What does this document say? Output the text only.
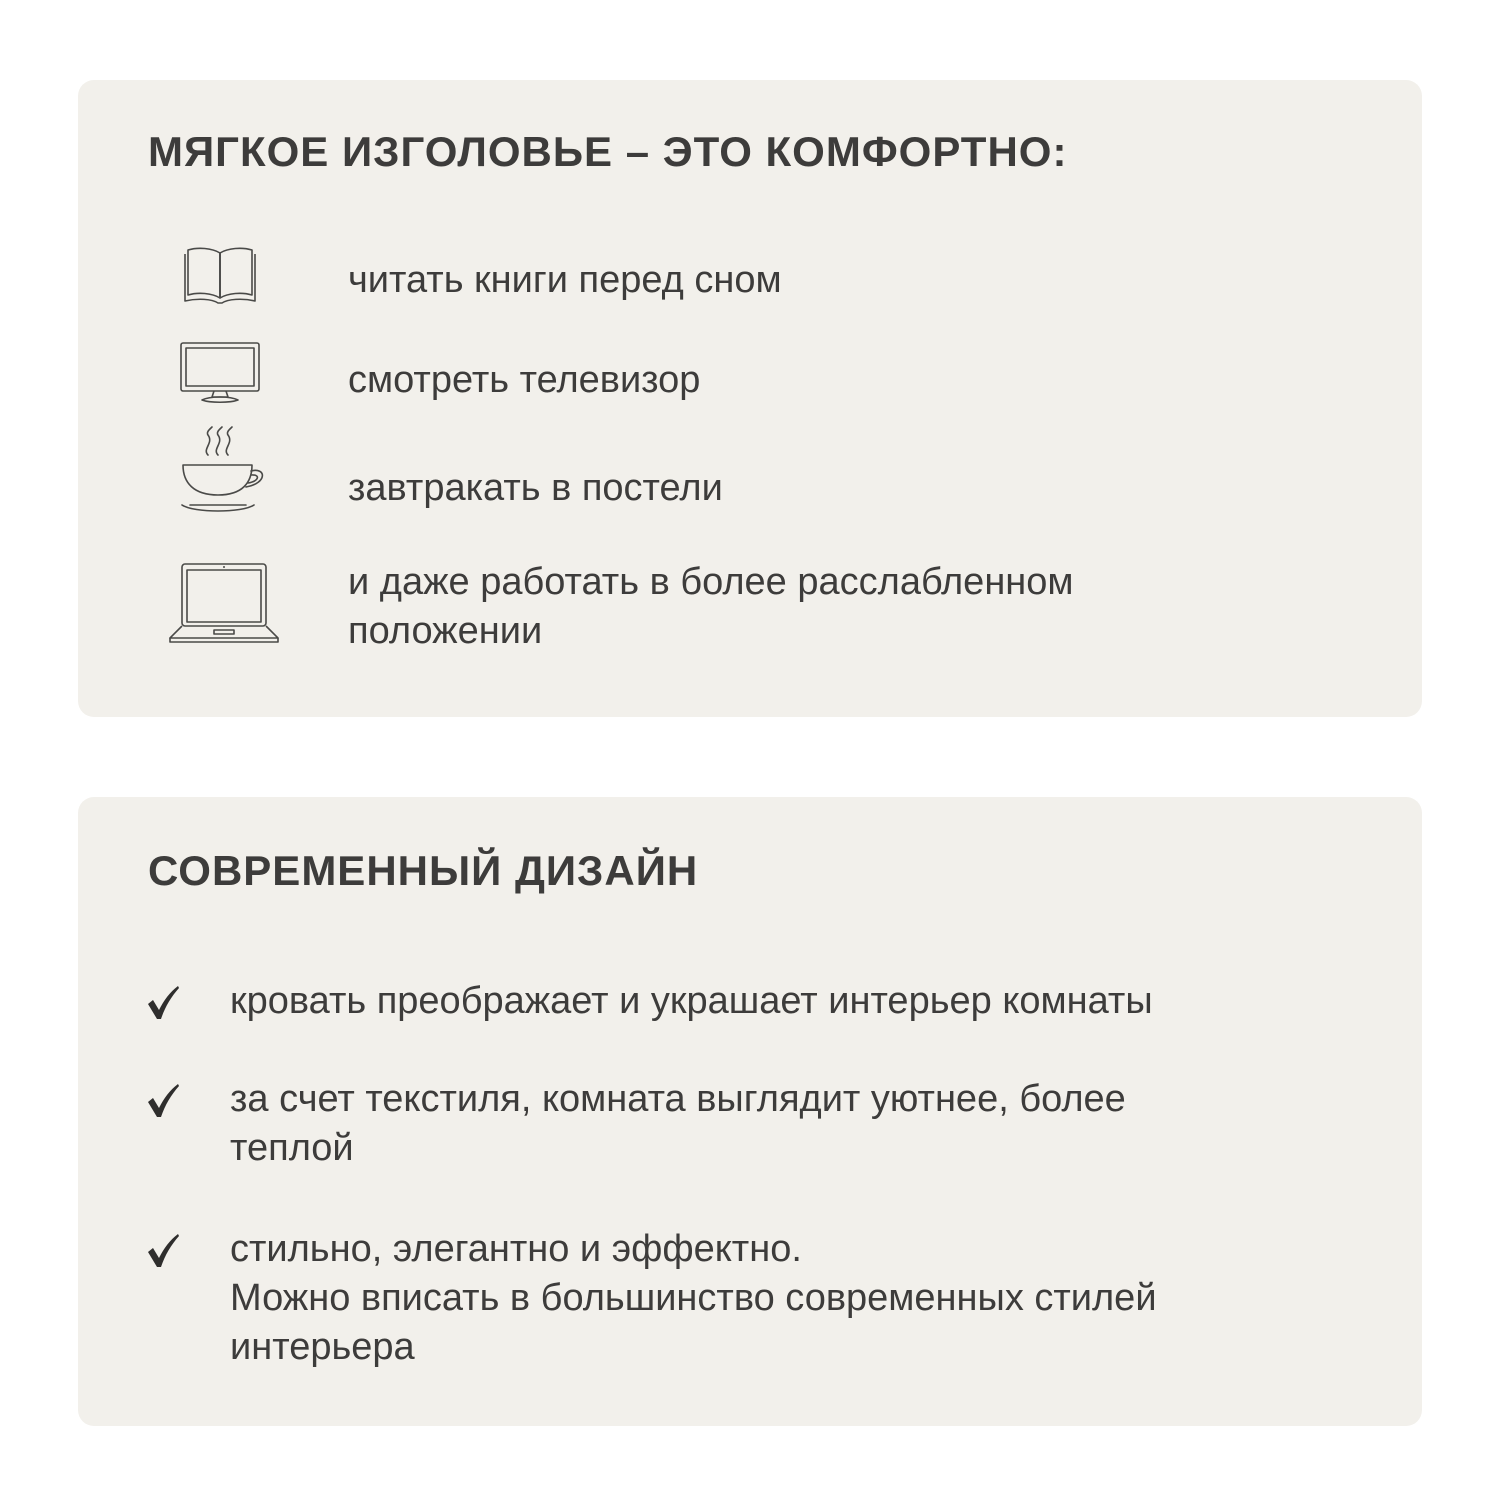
МЯГКОЕ ИЗГОЛОВЬЕ – ЭТО КОМФОРТНО:
читать книги перед сном
смотреть телевизор
завтракать в постели
и даже работать в более расслабленном
положении
СОВРЕМЕННЫЙ ДИЗАЙН
кровать преображает и украшает интерьер комнаты
за счет текстиля, комната выглядит уютнее, более
теплой
стильно, элегантно и эффектно.
Можно вписать в большинство современных стилей
интерьера
